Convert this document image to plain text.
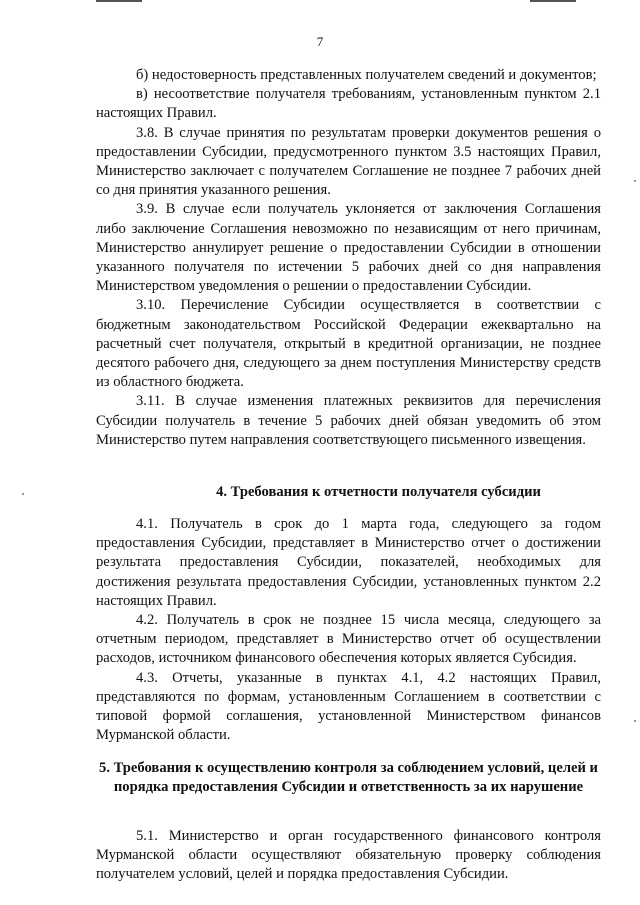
7

б) недостоверность представленных получателем сведений и документов;

в) несоответствие получателя требованиям, установленным пунктом 2.1 настоящих Правил.

3.8. В случае принятия по результатам проверки документов решения о предоставлении Субсидии, предусмотренного пунктом 3.5 настоящих Правил, Министерство заключает с получателем Соглашение не позднее 7 рабочих дней со дня принятия указанного решения.

3.9. В случае если получатель уклоняется от заключения Соглашения либо заключение Соглашения невозможно по независящим от него причинам, Министерство аннулирует решение о предоставлении Субсидии в отношении указанного получателя по истечении 5 рабочих дней со дня направления Министерством уведомления о решении о предоставлении Субсидии.

3.10. Перечисление Субсидии осуществляется в соответствии с бюджетным законодательством Российской Федерации ежеквартально на расчетный счет получателя, открытый в кредитной организации, не позднее десятого рабочего дня, следующего за днем поступления Министерству средств из областного бюджета.

3.11. В случае изменения платежных реквизитов для перечисления Субсидии получатель в течение 5 рабочих дней обязан уведомить об этом Министерство путем направления соответствующего письменного извещения.

4. Требования к отчетности получателя субсидии

4.1. Получатель в срок до 1 марта года, следующего за годом предоставления Субсидии, представляет в Министерство отчет о достижении результата предоставления Субсидии, показателей, необходимых для достижения результата предоставления Субсидии, установленных пунктом 2.2 настоящих Правил.

4.2. Получатель в срок не позднее 15 числа месяца, следующего за отчетным периодом, представляет в Министерство отчет об осуществлении расходов, источником финансового обеспечения которых является Субсидия.

4.3. Отчеты, указанные в пунктах 4.1, 4.2 настоящих Правил, представляются по формам, установленным Соглашением в соответствии с типовой формой соглашения, установленной Министерством финансов Мурманской области.

5. Требования к осуществлению контроля за соблюдением условий, целей и порядка предоставления Субсидии и ответственность за их нарушение

5.1. Министерство и орган государственного финансового контроля Мурманской области осуществляют обязательную проверку соблюдения получателем условий, целей и порядка предоставления Субсидии.
